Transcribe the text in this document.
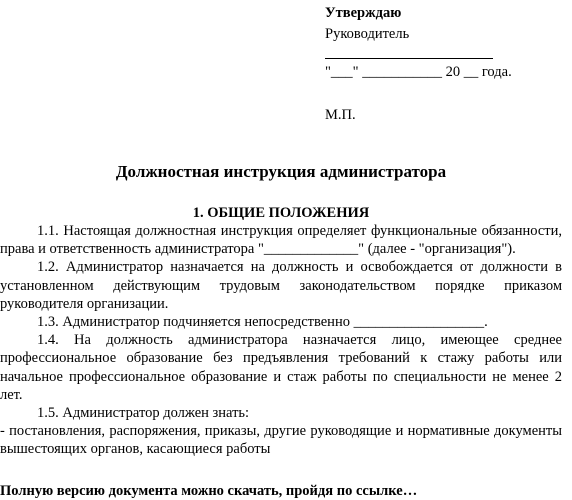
Утверждаю
Руководитель
"___" ___________ 20 __ года.
М.П.
Должностная инструкция администратора
1. ОБЩИЕ ПОЛОЖЕНИЯ

1.1. Настоящая должностная инструкция определяет функциональные обязанности, права и ответственность администратора "_____________" (далее - "организация").

1.2. Администратор назначается на должность и освобождается от должности в установленном действующим трудовым законодательством порядке приказом руководителя организации.

1.3. Администратор подчиняется непосредственно __________________.

1.4. На должность администратора назначается лицо, имеющее среднее профессиональное образование без предъявления требований к стажу работы или начальное профессиональное образование и стаж работы по специальности не менее 2 лет.

1.5. Администратор должен знать:

- постановления, распоряжения, приказы, другие руководящие и нормативные документы вышестоящих органов, касающиеся работы

Полную версию документа можно скачать, пройдя по ссылке…
